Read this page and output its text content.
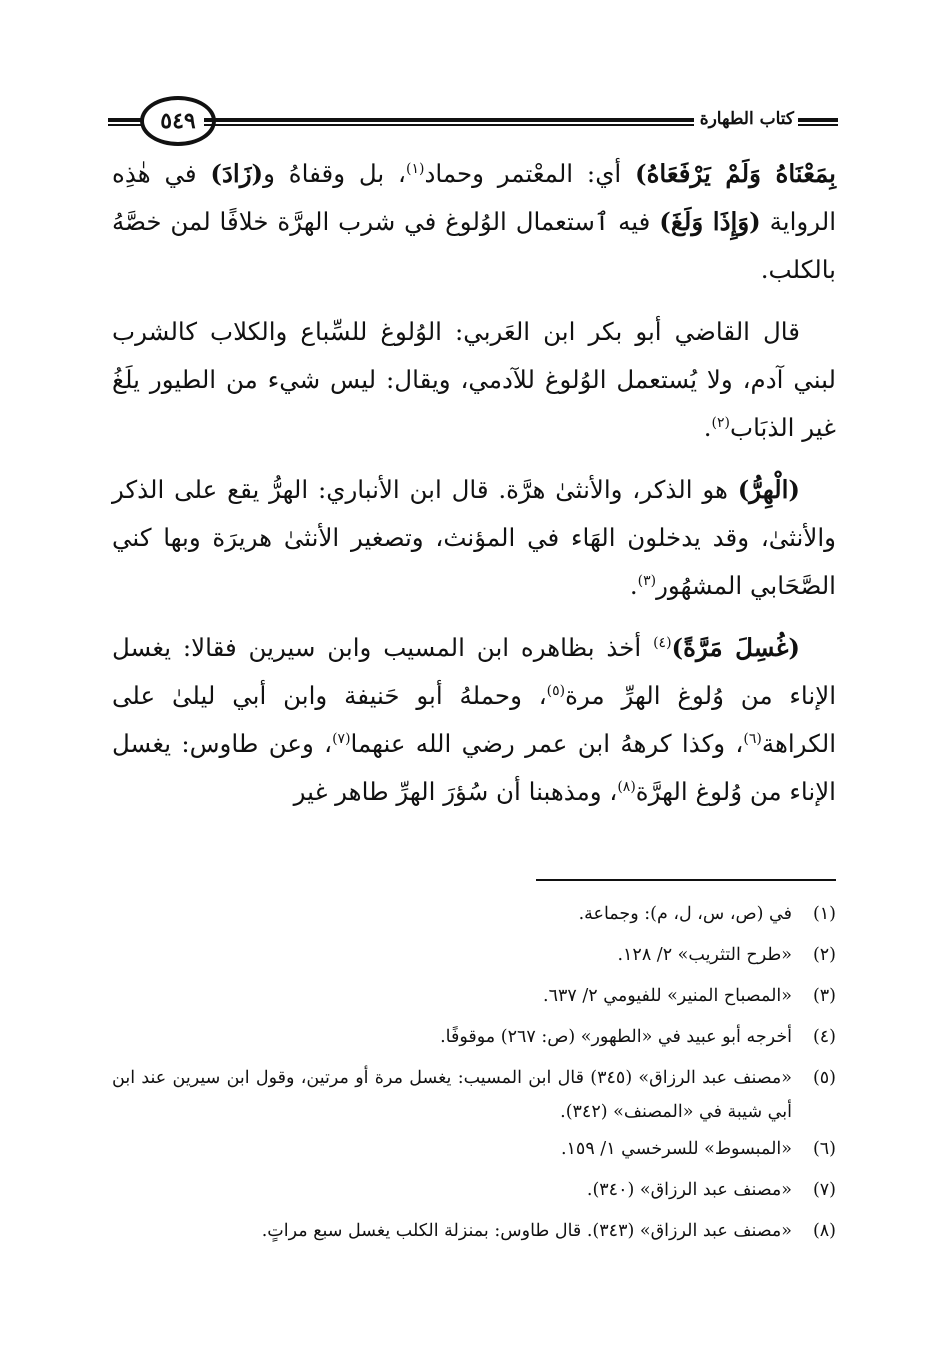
٥٤٩	كتاب الطهارة

بِمَعْنَاهُ وَلَمْ يَرْفَعَاهُ) أي: المعْتمر وحماد$^{(١)}$، بل وقفاهُ و(زَادَ) في هٰذِه الرواية (وَإِذَا وَلَغَ) فيه ٱستعمال الوُلوغ في شرب الهرَّة خلافًا لمن خصَّهُ بالكلب.

قال القاضي أبو بكر ابن العَربي: الوُلوغ للسِّباع والكلاب كالشرب لبني آدم، ولا يُستعمل الوُلوغ للآدمي، ويقال: ليس شيء من الطيور يلَغُ غير الذبَاب$^{(٢)}$.

(الْهِرُّ) هو الذكر، والأنثىٰ هرَّة. قال ابن الأنباري: الهرُّ يقع على الذكر والأنثىٰ، وقد يدخلون الهَاء في المؤنث، وتصغير الأنثىٰ هريرَة وبها كني الصَّحَابي المشهُور$^{(٣)}$.

(غُسِلَ مَرَّةً)$^{(٤)}$ أخذ بظاهره ابن المسيب وابن سيرين فقالا: يغسل الإناء من وُلوغ الهرِّ مرة$^{(٥)}$، وحملهُ أبو حَنيفة وابن أبي ليلىٰ على الكراهة$^{(٦)}$، وكذا كرههُ ابن عمر رضي الله عنهما$^{(٧)}$، وعن طاوس: يغسل الإناء من وُلوغ الهرَّة$^{(٨)}$، ومذهبنا أن سُؤرَ الهرِّ طاهر غير

(١)
في (ص، س، ل، م): وجماعة.
(٢)
«طرح التثريب» ٢/ ١٢٨.
(٣)
«المصباح المنير» للفيومي ٢/ ٦٣٧.
(٤)
أخرجه أبو عبيد في «الطهور» (ص: ٢٦٧) موقوفًا.
(٥)
«مصنف عبد الرزاق» (٣٤٥) قال ابن المسيب: يغسل مرة أو مرتين، وقول ابن سيرين عند ابن أبي شيبة في «المصنف» (٣٤٢).
(٦)
«المبسوط» للسرخسي ١/ ١٥٩.
(٧)
«مصنف عبد الرزاق» (٣٤٠).
(٨)
«مصنف عبد الرزاق» (٣٤٣). قال طاوس: بمنزلة الكلب يغسل سبع مراتٍ.
